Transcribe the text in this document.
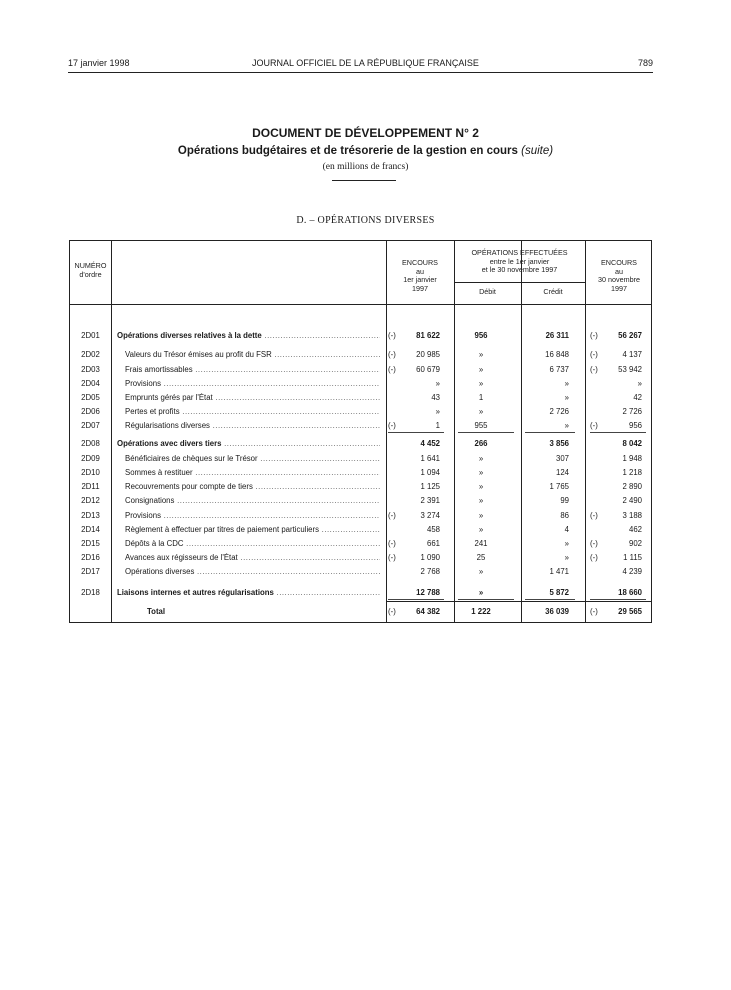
17 janvier 1998	JOURNAL OFFICIEL DE LA RÉPUBLIQUE FRANÇAISE	789
DOCUMENT DE DÉVELOPPEMENT N° 2
Opérations budgétaires et de trésorerie de la gestion en cours (suite)
(en millions de francs)
D. – OPÉRATIONS DIVERSES
NUMÉRO
d'ordre
ENCOURS
au
1er janvier
1997
OPÉRATIONS EFFECTUÉES
entre le 1er janvier
et le 30 novembre 1997
Débit	Crédit
ENCOURS
au
30 novembre
1997
2D01	Opérations diverses relatives à la dette .....	(-)	81 622	956	26 311	(-)	56 267
2D02	Valeurs du Trésor émises au profit du FSR .....	(-)	20 985	»	16 848	(-)	4 137
2D03	Frais amortissables .....	(-)	60 679	»	6 737	(-)	53 942
2D04	Provisions .....	»	»	»	»
2D05	Emprunts gérés par l'État .....	43	1	»	42
2D06	Pertes et profits .....	»	»	2 726	2 726
2D07	Régularisations diverses .....	(-)	1	955	»	(-)	956
2D08	Opérations avec divers tiers .....	4 452	266	3 856	8 042
2D09	Bénéficiaires de chèques sur le Trésor .....	1 641	»	307	1 948
2D10	Sommes à restituer .....	1 094	»	124	1 218
2D11	Recouvrements pour compte de tiers .....	1 125	»	1 765	2 890
2D12	Consignations .....	2 391	»	99	2 490
2D13	Provisions .....	(-)	3 274	»	86	(-)	3 188
2D14	Règlement à effectuer par titres de paiement particuliers .....	458	»	4	462
2D15	Dépôts à la CDC .....	(-)	661	241	»	(-)	902
2D16	Avances aux régisseurs de l'État .....	(-)	1 090	25	»	(-)	1 115
2D17	Opérations diverses .....	2 768	»	1 471	4 239
2D18	Liaisons internes et autres régularisations .....	12 788	»	5 872	18 660
Total	(-)	64 382	1 222	36 039	(-)	29 565
